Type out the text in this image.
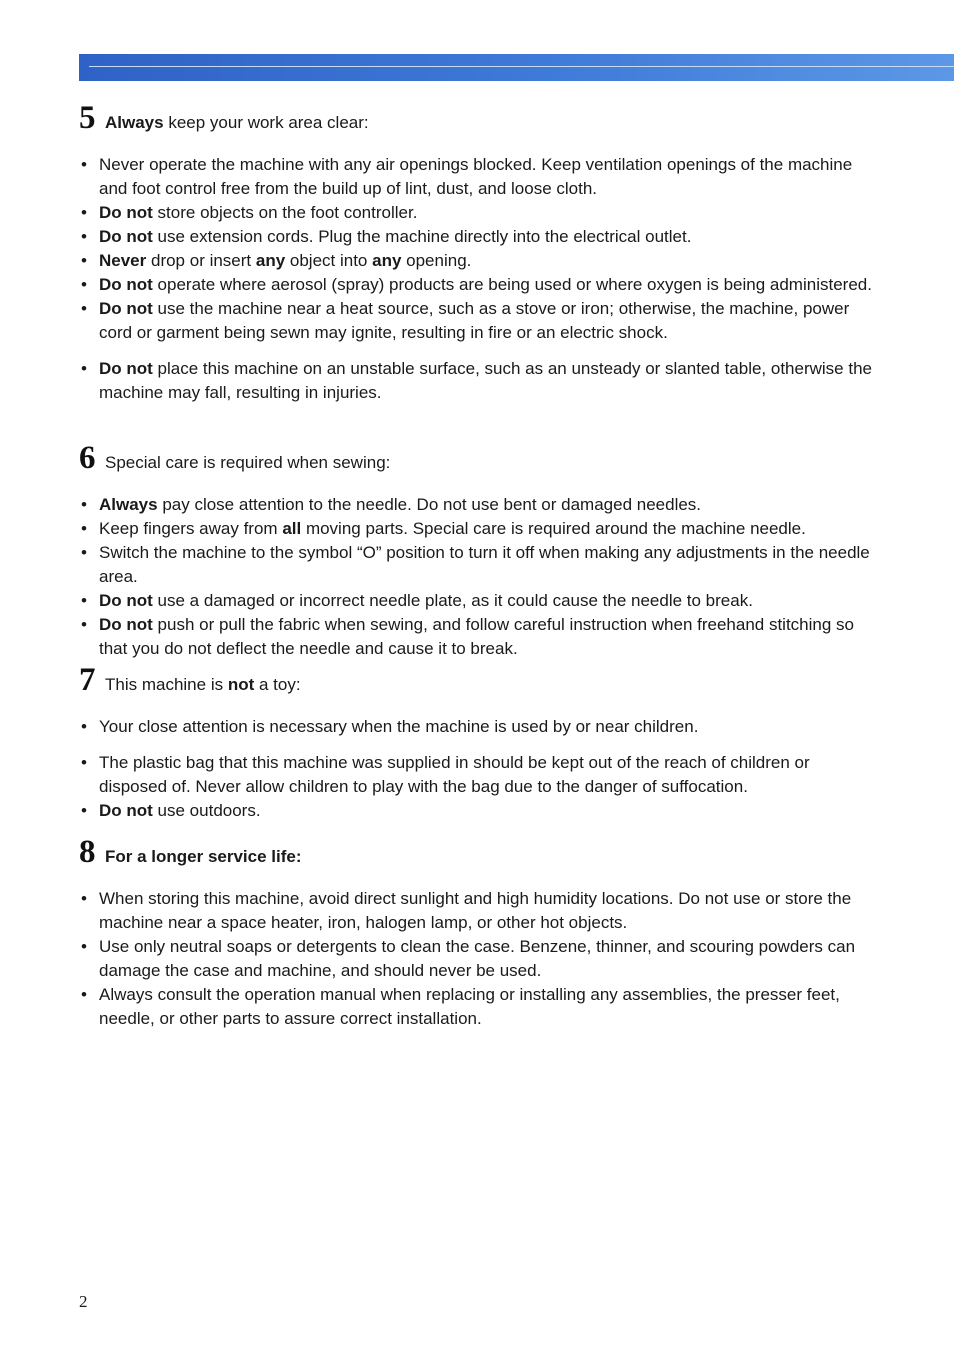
5 Always keep your work area clear:
• Never operate the machine with any air openings blocked. Keep ventilation openings of the machine and foot control free from the build up of lint, dust, and loose cloth.
• Do not store objects on the foot controller.
• Do not use extension cords. Plug the machine directly into the electrical outlet.
• Never drop or insert any object into any opening.
• Do not operate where aerosol (spray) products are being used or where oxygen is being administered.
• Do not use the machine near a heat source, such as a stove or iron; otherwise, the machine, power cord or garment being sewn may ignite, resulting in fire or an electric shock.
• Do not place this machine on an unstable surface, such as an unsteady or slanted table, otherwise the machine may fall, resulting in injuries.
6 Special care is required when sewing:
• Always pay close attention to the needle. Do not use bent or damaged needles.
• Keep fingers away from all moving parts. Special care is required around the machine needle.
• Switch the machine to the symbol “O” position to turn it off when making any adjustments in the needle area.
• Do not use a damaged or incorrect needle plate, as it could cause the needle to break.
• Do not push or pull the fabric when sewing, and follow careful instruction when freehand stitching so that you do not deflect the needle and cause it to break.
7 This machine is not a toy:
• Your close attention is necessary when the machine is used by or near children.
• The plastic bag that this machine was supplied in should be kept out of the reach of children or disposed of. Never allow children to play with the bag due to the danger of suffocation.
• Do not use outdoors.
8 For a longer service life:
• When storing this machine, avoid direct sunlight and high humidity locations. Do not use or store the machine near a space heater, iron, halogen lamp, or other hot objects.
• Use only neutral soaps or detergents to clean the case. Benzene, thinner, and scouring powders can damage the case and machine, and should never be used.
• Always consult the operation manual when replacing or installing any assemblies, the presser feet, needle, or other parts to assure correct installation.
2
